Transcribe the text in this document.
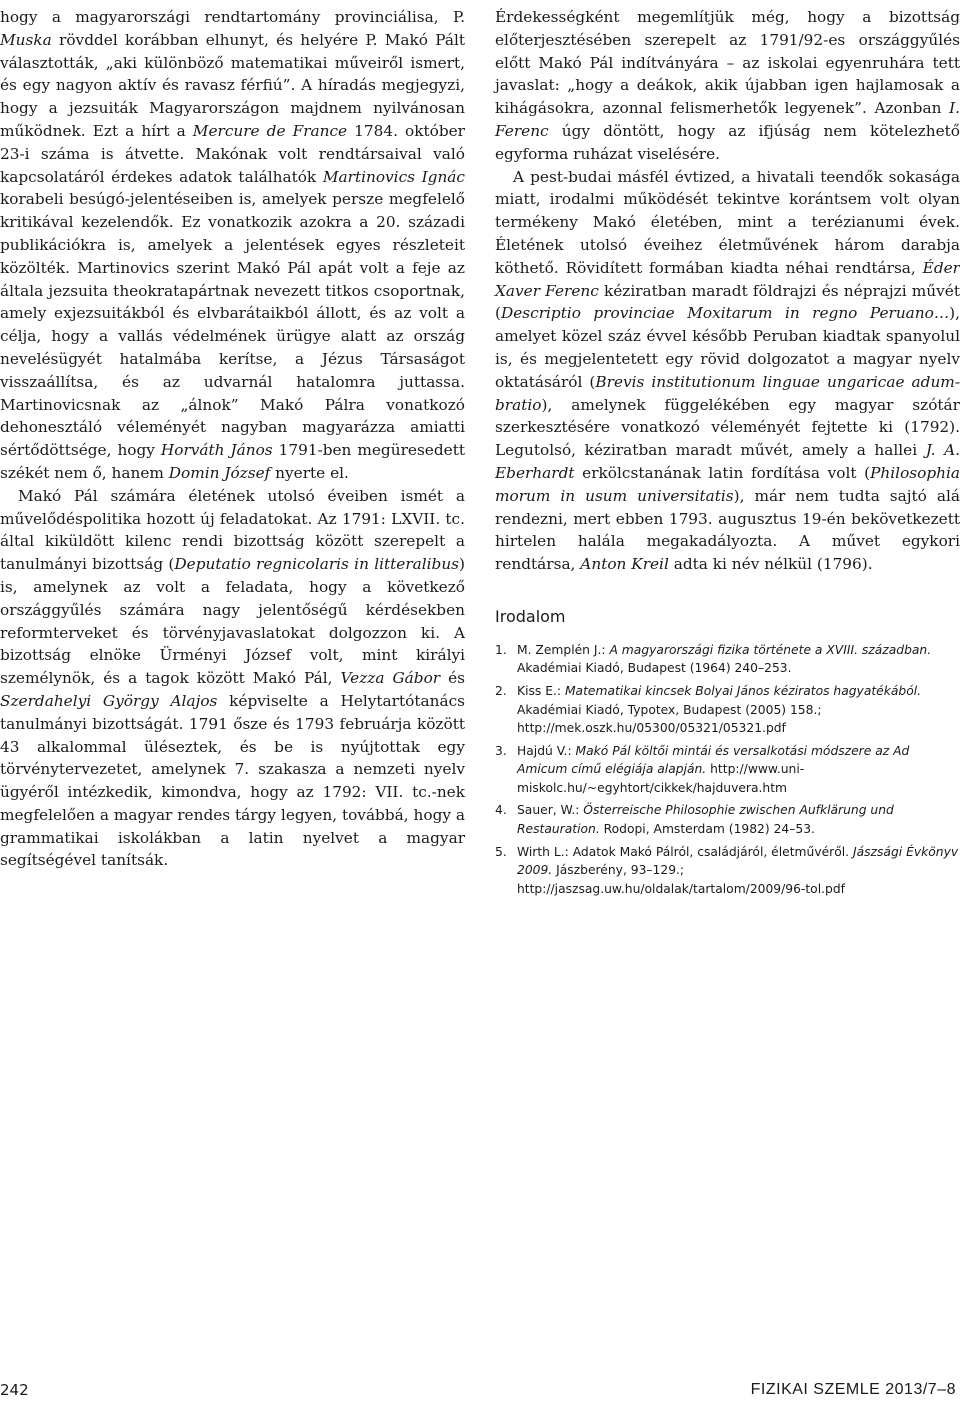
hogy a magyarországi rendtartomány provinciálisa, P. Muska rövddel korábban elhunyt, és helyére P. Makó Pált választották, „aki különböző matematikai műveiről ismert, és egy nagyon aktív és ravasz férfiú”. A híradás megjegyzi, hogy a jezsuiták Magyarországon majdnem nyilvánosan működnek. Ezt a hírt a Mercure de France 1784. október 23-i száma is átvette. Makónak volt rendtársaival való kapcsolatáról érdekes adatok találhatók Martinovics Ignác korabeli besúgó-jelentéseiben is, amelyek persze megfelelő kritikával kezelendők. Ez vonatkozik azokra a 20. századi publikációkra is, amelyek a jelentések egyes részleteit közölték. Martinovics szerint Makó Pál apát volt a feje az általa jezsuita theokratapártnak nevezett titkos csoportnak, amely exjezsuitákból és elvbarátaikból állott, és az volt a célja, hogy a vallás védelmének ürügye alatt az ország nevelésügyét hatalmába kerítse, a Jézus Társaságot visszaállítsa, és az udvarnál hatalomra juttassa. Martinovicsnak az „álnok” Makó Pálra vonatkozó dehonesztáló véleményét nagyban magyarázza amiatti sértődöttsége, hogy Horváth János 1791-ben megüresedett székét nem ő, hanem Domin József nyerte el.

Makó Pál számára életének utolsó éveiben ismét a művelődéspolitika hozott új feladatokat. Az 1791: LXVII. tc. által kiküldött kilenc rendi bizottság között szerepelt a tanulmányi bizottság (Deputatio regnicolaris in litteralibus) is, amelynek az volt a feladata, hogy a következő országgyűlés számára nagy jelentőségű kérdésekben reformterveket és törvényjavaslatokat dolgozzon ki. A bizottság elnöke Ürményi József volt, mint királyi személynök, és a tagok között Makó Pál, Vezza Gábor és Szerdahelyi György Alajos képviselte a Helytartótanács tanulmányi bizottságát. 1791 ősze és 1793 februárja között 43 alkalommal üléseztek, és be is nyújtottak egy törvénytervezetet, amelynek 7. szakasza a nemzeti nyelv ügyéről intézkedik, kimondva, hogy az 1792: VII. tc.-nek megfelelően a magyar rendes tárgy legyen, továbbá, hogy a grammatikai iskolákban a latin nyelvet a magyar segítségével tanítsák.

Érdekességként megemlítjük még, hogy a bizottság előterjesztésében szerepelt az 1791/92-es országgyűlés előtt Makó Pál indítványára – az iskolai egyenruhára tett javaslat: „hogy a deákok, akik újabban igen hajlamosak a kihágásokra, azonnal felismerhetők legyenek”. Azonban I. Ferenc úgy döntött, hogy az ifjúság nem kötelezhető egyforma ruházat viselésére.

A pest-budai másfél évtized, a hivatali teendők sokasága miatt, irodalmi működését tekintve korántsem volt olyan termékeny Makó életében, mint a terézianumi évek. Életének utolsó éveihez életművének három darabja köthető. Rövidített formában kiadta néhai rendtársa, Éder Xaver Ferenc kéziratban maradt földrajzi és néprajzi művét (Descriptio provinciae Moxitarum in regno Peruano…), amelyet közel száz évvel később Peruban kiadtak spanyolul is, és megjelentetett egy rövid dolgozatot a magyar nyelv oktatásáról (Brevis institutionum linguae ungaricae adumbratio), amelynek függelékében egy magyar szótár szerkesztésére vonatkozó véleményét fejtette ki (1792). Legutolsó, kéziratban maradt művét, amely a hallei J. A. Eberhardt erkölcstanának latin fordítása volt (Philosophia morum in usum universitatis), már nem tudta sajtó alá rendezni, mert ebben 1793. augusztus 19-én bekövetkezett hirtelen halála megakadályozta. A művet egykori rendtársa, Anton Kreil adta ki név nélkül (1796).

Irodalom

1. M. Zemplén J.: A magyarországi fizika története a XVIII. században. Akadémiai Kiadó, Budapest (1964) 240–253.
2. Kiss E.: Matematikai kincsek Bolyai János kéziratos hagyatékából. Akadémiai Kiadó, Typotex, Budapest (2005) 158.; http://mek.oszk.hu/05300/05321/05321.pdf
3. Hajdú V.: Makó Pál költői mintái és versalkotási módszere az Ad Amicum című elégiája alapján. http://www.uni-miskolc.hu/~egyhtort/cikkek/hajduvera.htm
4. Sauer, W.: Österreische Philosophie zwischen Aufklärung und Restauration. Rodopi, Amsterdam (1982) 24–53.
5. Wirth L.: Adatok Makó Pálról, családjáról, életművéről. Jászsági Évkönyv 2009. Jászberény, 93–129.; http://jaszsag.uw.hu/oldalak/tartalom/2009/96-tol.pdf
242	FIZIKAI SZEMLE 2013/7–8
